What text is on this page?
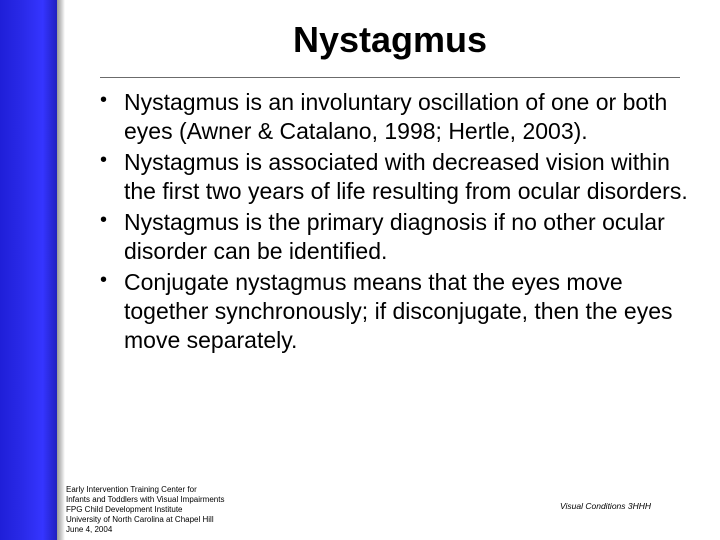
Nystagmus
• Nystagmus is an involuntary oscillation of one or both eyes (Awner & Catalano, 1998; Hertle, 2003).
• Nystagmus is associated with decreased vision within the first two years of life resulting from ocular disorders.
• Nystagmus is the primary diagnosis if no other ocular disorder can be identified.
• Conjugate nystagmus means that the eyes move together synchronously; if disconjugate, then the eyes move separately.
Early Intervention Training Center for
Infants and Toddlers with Visual Impairments
FPG Child Development Institute
University of North Carolina at Chapel Hill
June 4, 2004
Visual Conditions 3HHH
